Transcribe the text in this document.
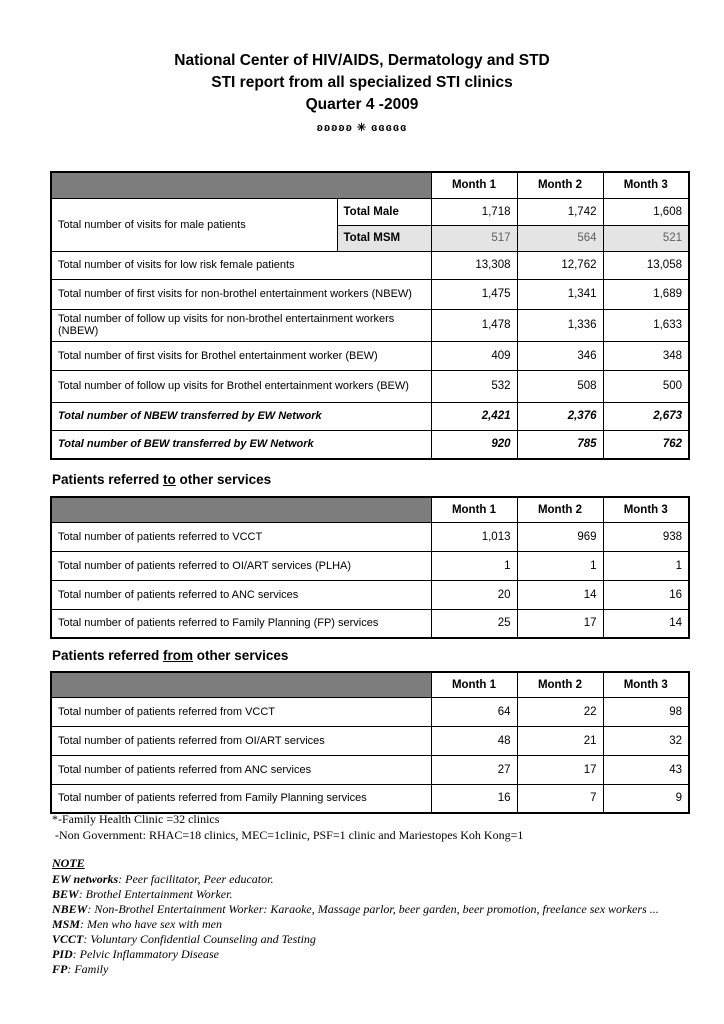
National Center of HIV/AIDS, Dermatology and STD
STI report from all specialized STI clinics
Quarter 4 -2009
ʚʚʚʚʚ ✳ ɞɞɞɞɞ
		Month 1	Month 2	Month 3
Total number of visits for male patients	Total Male	1,718	1,742	1,608
	Total MSM	517	564	521
Total number of visits for low risk female patients		13,308	12,762	13,058
Total number of first visits for non-brothel entertainment workers (NBEW)		1,475	1,341	1,689
Total number of follow up visits for non-brothel entertainment workers (NBEW)		1,478	1,336	1,633
Total number of first visits for Brothel entertainment worker (BEW)		409	346	348
Total number of follow up visits for Brothel entertainment workers (BEW)		532	508	500
Total number of NBEW transferred by EW Network		2,421	2,376	2,673
Total number of BEW transferred by EW Network		920	785	762
Patients referred to other services
	Month 1	Month 2	Month 3
Total number of patients referred to VCCT	1,013	969	938
Total number of patients referred to OI/ART services (PLHA)	1	1	1
Total number of patients referred to ANC services	20	14	16
Total number of patients referred to Family Planning (FP) services	25	17	14
Patients referred from other services
	Month 1	Month 2	Month 3
Total number of patients referred from VCCT	64	22	98
Total number of patients referred from OI/ART services	48	21	32
Total number of patients referred from ANC services	27	17	43
Total number of patients referred from Family Planning services	16	7	9
*-Family Health Clinic =32 clinics
-Non Government: RHAC=18 clinics, MEC=1clinic, PSF=1 clinic and Mariestopes Koh Kong=1
NOTE
EW networks: Peer facilitator, Peer educator.
BEW: Brothel Entertainment Worker.
NBEW: Non-Brothel Entertainment Worker: Karaoke, Massage parlor, beer garden, beer promotion, freelance sex workers ...
MSM: Men who have sex with men
VCCT: Voluntary Confidential Counseling and Testing
PID: Pelvic Inflammatory Disease
FP: Family
